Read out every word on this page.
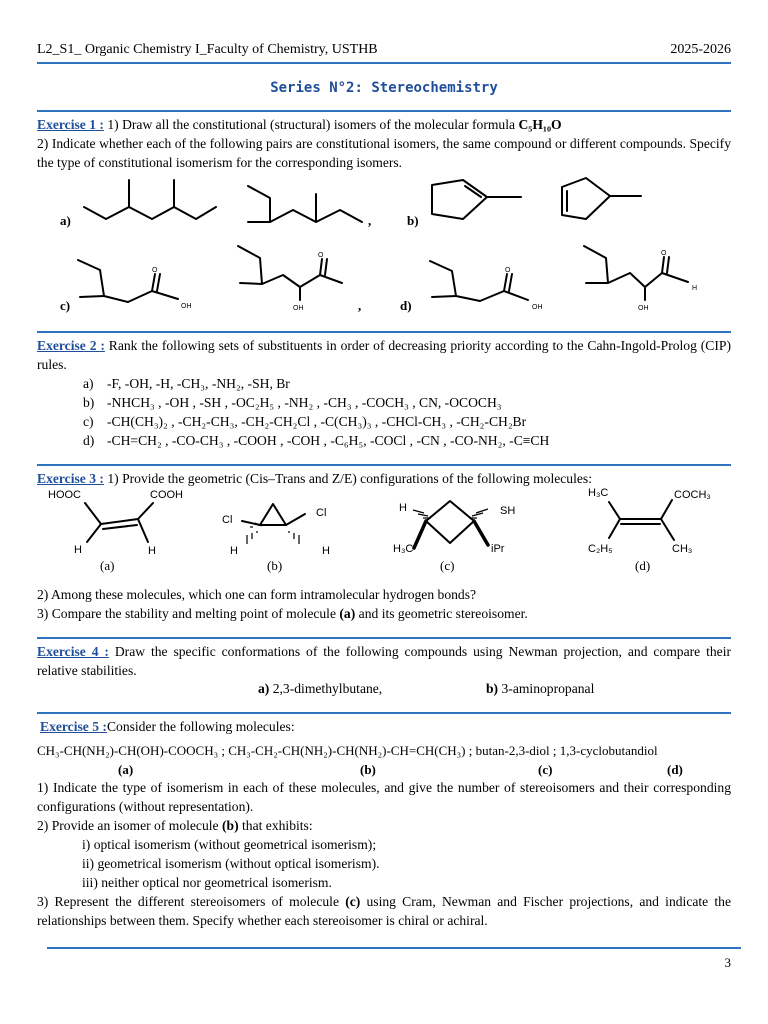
L2_S1_ Organic Chemistry I_Faculty of Chemistry, USTHB	2025-2026
Series N°2: Stereochemistry
Exercise 1 : 1) Draw all the constitutional (structural) isomers of the molecular formula C₅H₁₀O
2) Indicate whether each of the following pairs are constitutional isomers, the same compound or different compounds. Specify the type of constitutional isomerism for the corresponding isomers.
a)	,	b)
c)	,	d)
O
OH
O
OH
O
OH
O
OH
H
Exercise 2 : Rank the following sets of substituents in order of decreasing priority according to the Cahn-Ingold-Prolog (CIP) rules.
a) -F, -OH, -H, -CH₃, -NH₂, -SH, Br
b) -NHCH₃ , -OH , -SH , -OC₂H₅ , -NH₂ , -CH₃ , -COCH₃ , CN, -OCOCH₃
c) -CH(CH₃)₂ , -CH₂-CH₃, -CH₂-CH₂Cl , -C(CH₃)₃ , -CHCl-CH₃ , -CH₂-CH₂Br
d) -CH=CH₂ , -CO-CH₃ , -COOH , -COH , -C₆H₅, -COCl , -CN , -CO-NH₂, -C≡CH
Exercise 3 : 1) Provide the geometric (Cis–Trans and Z/E) configurations of the following molecules:
HOOC	COOH
H	H
Cl
Cl
H	H
H	SH
H₃C	iPr
H₃C	COCH₃
C₂H₅	CH₃
(a)	(b)	(c)	(d)
2) Among these molecules, which one can form intramolecular hydrogen bonds?
3) Compare the stability and melting point of molecule (a) and its geometric stereoisomer.
Exercise 4 : Draw the specific conformations of the following compounds using Newman projection, and compare their relative stabilities.
a) 2,3-dimethylbutane,	b) 3-aminopropanal
Exercise 5 :Consider the following molecules:
CH₃-CH(NH₂)-CH(OH)-COOCH₃ ; CH₃-CH₂-CH(NH₂)-CH(NH₂)-CH=CH(CH₃) ; butan-2,3-diol ; 1,3-cyclobutandiol
(a)	(b)	(c)	(d)
1) Indicate the type of isomerism in each of these molecules, and give the number of stereoisomers and their corresponding configurations (without representation).
2) Provide an isomer of molecule (b) that exhibits:

i) optical isomerism (without geometrical isomerism);
ii) geometrical isomerism (without optical isomerism).
iii) neither optical nor geometrical isomerism.
3) Represent the different stereoisomers of molecule (c) using Cram, Newman and Fischer projections, and indicate the relationships between them. Specify whether each stereoisomer is chiral or achiral.
3
